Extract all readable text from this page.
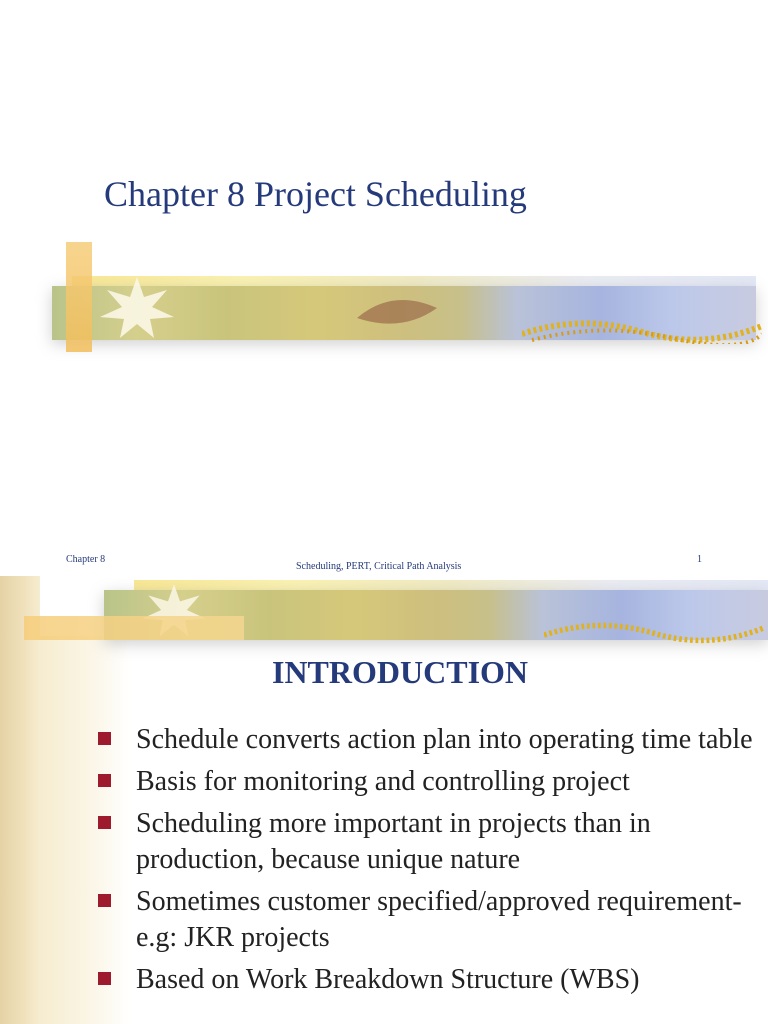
Chapter 8 Project Scheduling
Chapter 8
Scheduling, PERT, Critical Path Analysis
1
INTRODUCTION
Schedule converts action plan into operating time table
Basis for monitoring and controlling project
Scheduling more important in projects than in production, because unique nature
Sometimes customer specified/approved requirement-e.g: JKR projects
Based on Work Breakdown Structure (WBS)
